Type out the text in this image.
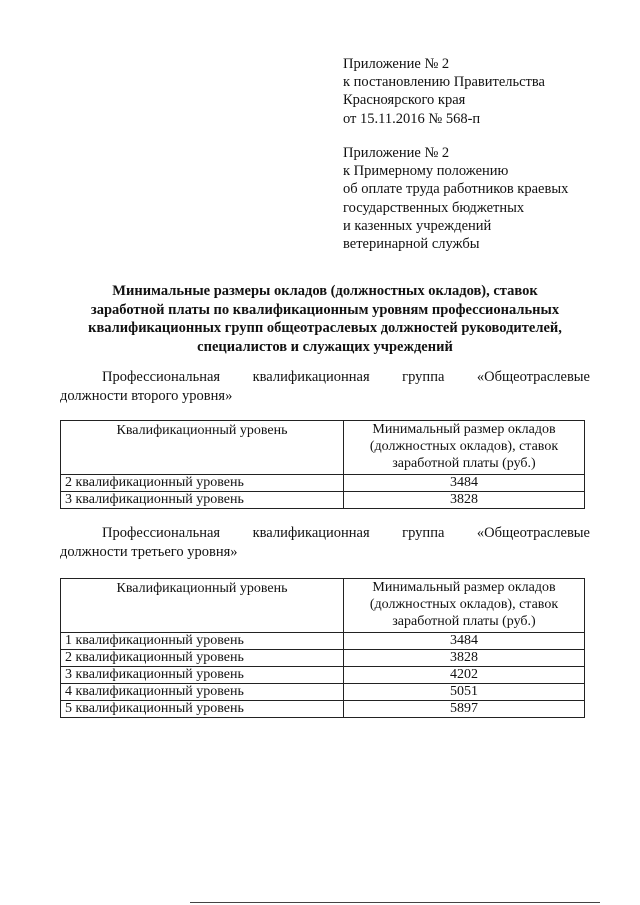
Приложение № 2
к постановлению Правительства
Красноярского края
от 15.11.2016 № 568-п
Приложение № 2
к Примерному положению
об оплате труда работников краевых
государственных бюджетных
и казенных учреждений
ветеринарной службы
Минимальные размеры окладов (должностных окладов), ставок
заработной платы по квалификационным уровням профессиональных
квалификационных групп общеотраслевых должностей руководителей,
специалистов и служащих учреждений
Профессиональная квалификационная группа «Общеотраслевые
должности второго уровня»
Квалификационный уровень	Минимальный размер окладов (должностных окладов), ставок заработной платы (руб.)
2 квалификационный уровень	3484
3 квалификационный уровень	3828
Профессиональная квалификационная группа «Общеотраслевые
должности третьего уровня»
Квалификационный уровень	Минимальный размер окладов (должностных окладов), ставок заработной платы (руб.)
1 квалификационный уровень	3484
2 квалификационный уровень	3828
3 квалификационный уровень	4202
4 квалификационный уровень	5051
5 квалификационный уровень	5897
